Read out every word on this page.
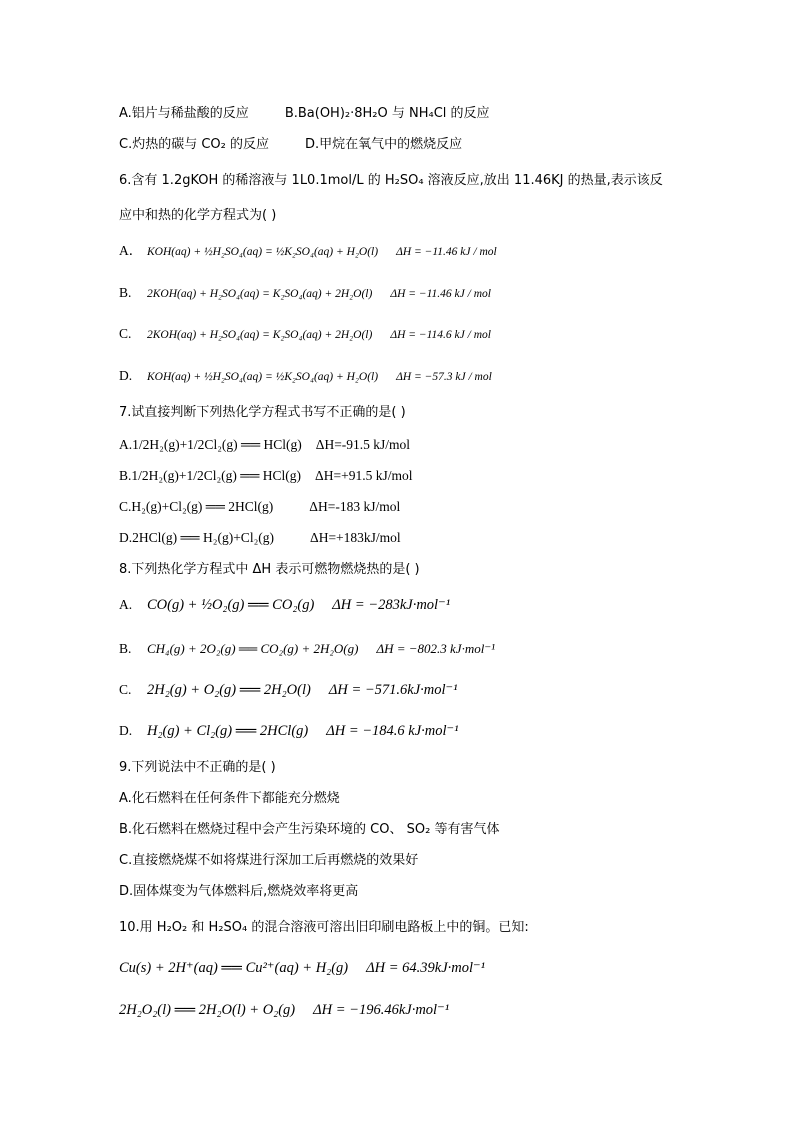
A.铝片与稀盐酸的反应	B.Ba(OH)₂·8H₂O 与 NH₄Cl 的反应
C.灼热的碳与 CO₂ 的反应	D.甲烷在氧气中的燃烧反应
6.含有 1.2gKOH 的稀溶液与 1L0.1mol/L 的 H₂SO₄ 溶液反应,放出 11.46KJ 的热量,表示该反
应中和热的化学方程式为( )
A． KOH(aq) + ½H₂SO₄(aq) = ½K₂SO₄(aq) + H₂O(l) ΔH = −11.46 kJ / mol
B. 2KOH(aq) + H₂SO₄(aq) = K₂SO₄(aq) + 2H₂O(l) ΔH = −11.46 kJ / mol
C. 2KOH(aq) + H₂SO₄(aq) = K₂SO₄(aq) + 2H₂O(l) ΔH = −114.6 kJ / mol
D. KOH(aq) + ½H₂SO₄(aq) = ½K₂SO₄(aq) + H₂O(l) ΔH = −57.3 kJ / mol
7.试直接判断下列热化学方程式书写不正确的是( )
A.1/2H₂(g)+1/2Cl₂(g) ══ HCl(g) ΔH=-91.5 kJ/mol
B.1/2H₂(g)+1/2Cl₂(g) ══ HCl(g) ΔH=+91.5 kJ/mol
C.H₂(g)+Cl₂(g) ══ 2HCl(g)	ΔH=-183 kJ/mol
D.2HCl(g) ══ H₂(g)+Cl₂(g)	ΔH=+183kJ/mol
8.下列热化学方程式中 ΔH 表示可燃物燃烧热的是( )
A. CO(g) + ½O₂(g) ══ CO₂(g) ΔH = −283kJ·mol⁻¹
B. CH₄(g) + 2O₂(g) ══ CO₂(g) + 2H₂O(g) ΔH = −802.3 kJ·mol⁻¹
C. 2H₂(g) + O₂(g) ══ 2H₂O(l) ΔH = −571.6kJ·mol⁻¹
D. H₂(g) + Cl₂(g) ══ 2HCl(g) ΔH = −184.6 kJ·mol⁻¹
9.下列说法中不正确的是( )
A.化石燃料在任何条件下都能充分燃烧
B.化石燃料在燃烧过程中会产生污染环境的 CO、 SO₂ 等有害气体
C.直接燃烧煤不如将煤进行深加工后再燃烧的效果好
D.固体煤变为气体燃料后,燃烧效率将更高
10.用 H₂O₂ 和 H₂SO₄ 的混合溶液可溶出旧印刷电路板上中的铜。已知:
Cu(s) + 2H⁺(aq) ══ Cu²⁺(aq) + H₂(g) ΔH = 64.39kJ·mol⁻¹
2H₂O₂(l) ══ 2H₂O(l) + O₂(g) ΔH = −196.46kJ·mol⁻¹
